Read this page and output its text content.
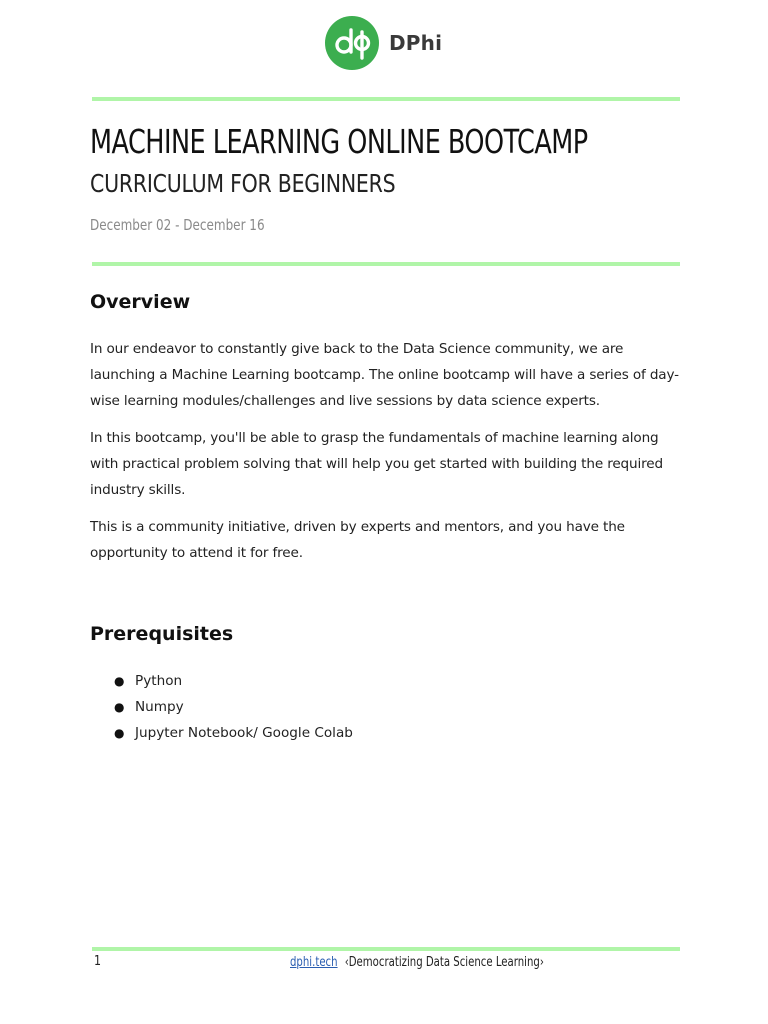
DPhi
MACHINE LEARNING ONLINE BOOTCAMP
CURRICULUM FOR BEGINNERS
December 02 - December 16
Overview

In our endeavor to constantly give back to the Data Science community, we are launching a Machine Learning bootcamp. The online bootcamp will have a series of day-wise learning modules/challenges and live sessions by data science experts.

In this bootcamp, you'll be able to grasp the fundamentals of machine learning along with practical problem solving that will help you get started with building the required industry skills.

This is a community initiative, driven by experts and mentors, and you have the opportunity to attend it for free.

Prerequisites
● Python
● Numpy
● Jupyter Notebook/ Google Colab
1	dphi.tech ‹Democratizing Data Science Learning›
